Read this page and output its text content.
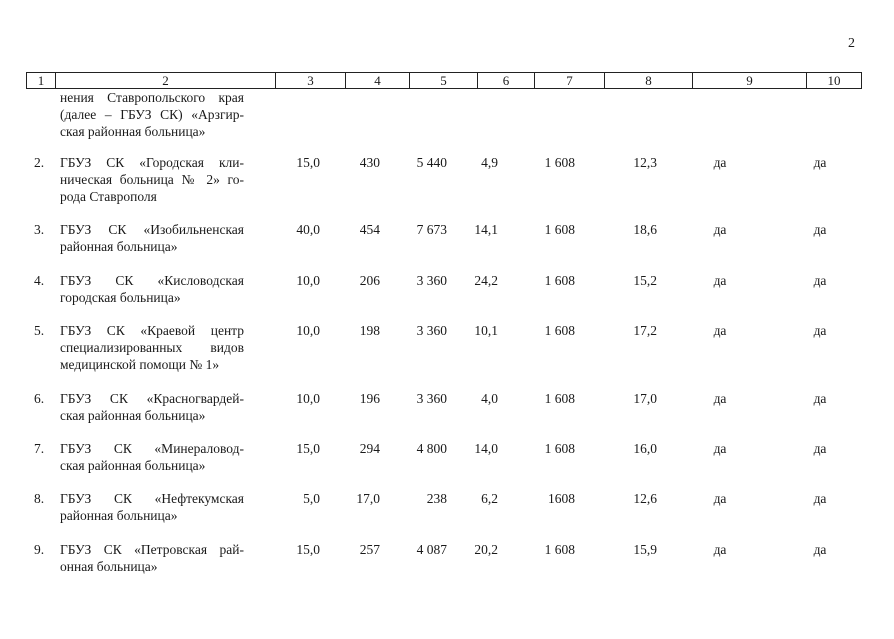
2
1	2	3	4	5	6	7	8	9	10
нения Ставропольского края
(далее – ГБУЗ СК) «Арзгир-
ская районная больница»
2. ГБУЗ СК «Городская кли-
ническая больница № 2» го-
рода Ставрополя
15,0	430	5 440	4,9	1 608	12,3	да	да
3. ГБУЗ СК «Изобильненская
районная больница»
40,0	454	7 673	14,1	1 608	18,6	да	да
4. ГБУЗ СК «Кисловодская
городская больница»
10,0	206	3 360	24,2	1 608	15,2	да	да
5. ГБУЗ СК «Краевой центр
специализированных видов
медицинской помощи № 1»
10,0	198	3 360	10,1	1 608	17,2	да	да
6. ГБУЗ СК «Красногвардей-
ская районная больница»
10,0	196	3 360	4,0	1 608	17,0	да	да
7. ГБУЗ СК «Минераловод-
ская районная больница»
15,0	294	4 800	14,0	1 608	16,0	да	да
8. ГБУЗ СК «Нефтекумская
районная больница»
5,0	17,0	238	6,2	1608	12,6	да	да
9. ГБУЗ СК «Петровская рай-
онная больница»
15,0	257	4 087	20,2	1 608	15,9	да	да
